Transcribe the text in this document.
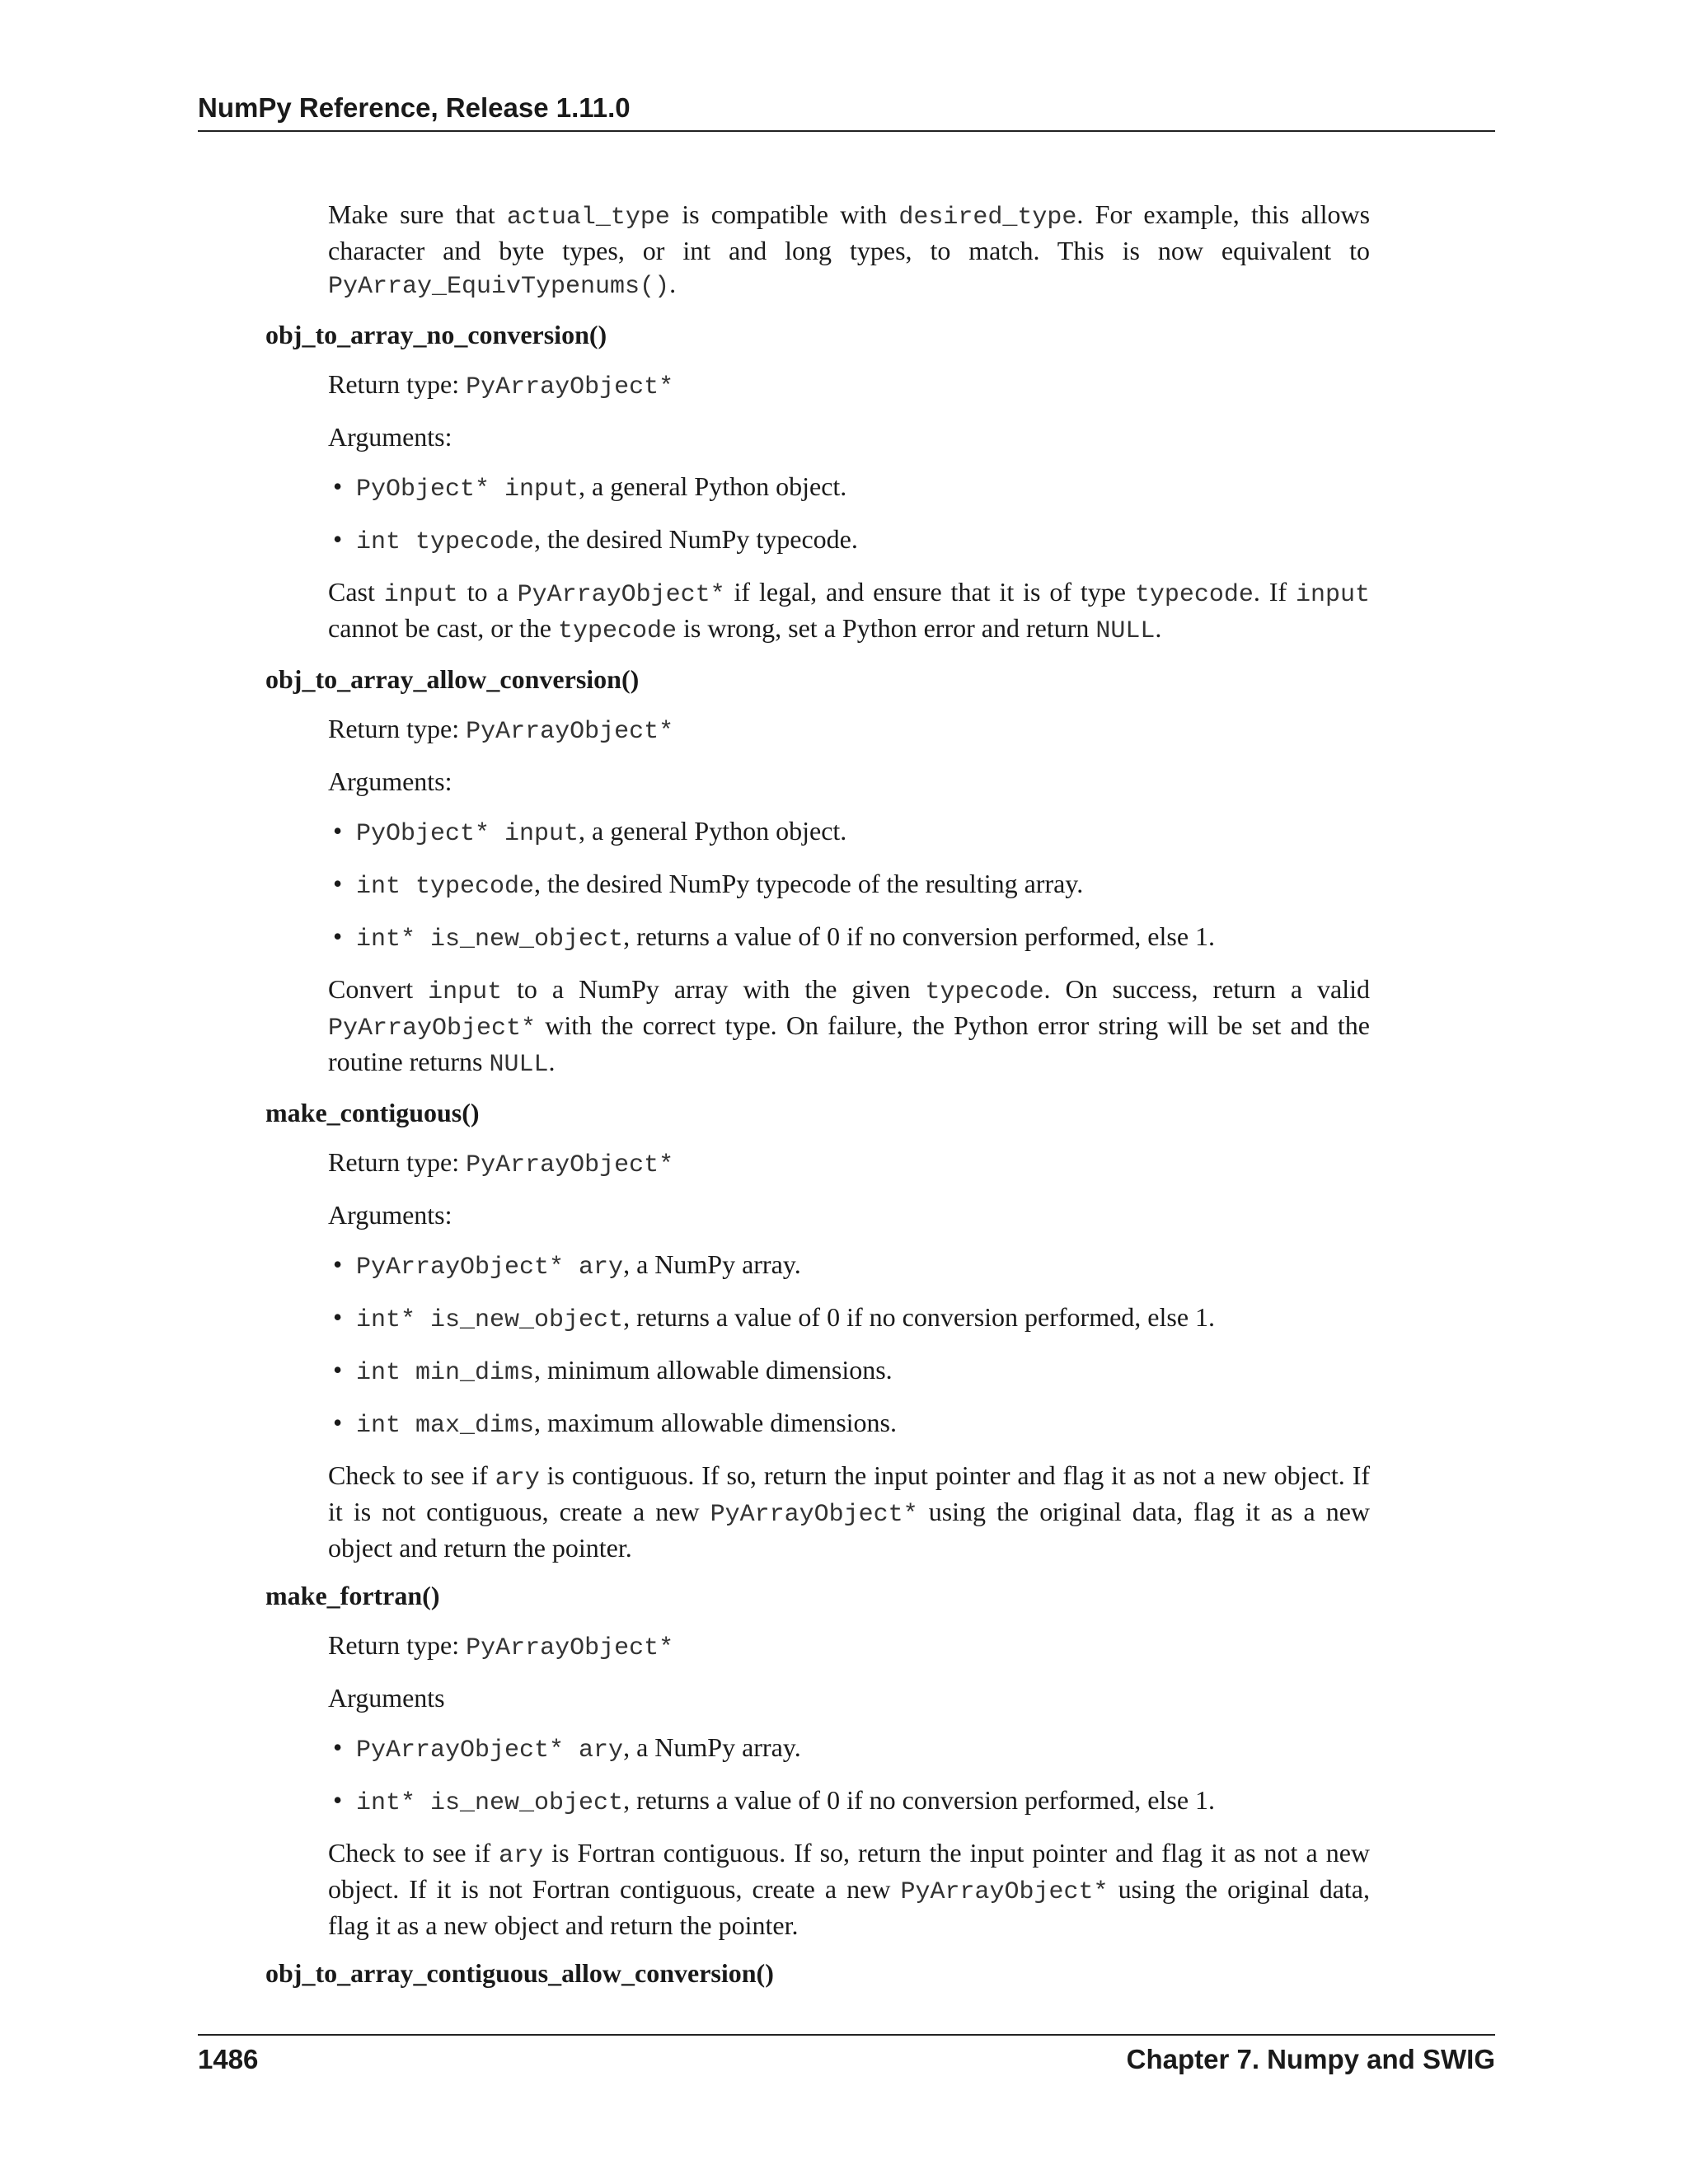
NumPy Reference, Release 1.11.0

Make sure that actual_type is compatible with desired_type. For example, this allows character and byte types, or int and long types, to match. This is now equivalent to PyArray_EquivTypenums().

obj_to_array_no_conversion()
Return type: PyArrayObject*
Arguments:
• PyObject* input, a general Python object.
• int typecode, the desired NumPy typecode.

Cast input to a PyArrayObject* if legal, and ensure that it is of type typecode. If input cannot be cast, or the typecode is wrong, set a Python error and return NULL.

obj_to_array_allow_conversion()
Return type: PyArrayObject*
Arguments:
• PyObject* input, a general Python object.
• int typecode, the desired NumPy typecode of the resulting array.
• int* is_new_object, returns a value of 0 if no conversion performed, else 1.

Convert input to a NumPy array with the given typecode. On success, return a valid PyArrayObject* with the correct type. On failure, the Python error string will be set and the routine returns NULL.

make_contiguous()
Return type: PyArrayObject*
Arguments:
• PyArrayObject* ary, a NumPy array.
• int* is_new_object, returns a value of 0 if no conversion performed, else 1.
• int min_dims, minimum allowable dimensions.
• int max_dims, maximum allowable dimensions.

Check to see if ary is contiguous. If so, return the input pointer and flag it as not a new object. If it is not contiguous, create a new PyArrayObject* using the original data, flag it as a new object and return the pointer.

make_fortran()
Return type: PyArrayObject*
Arguments
• PyArrayObject* ary, a NumPy array.
• int* is_new_object, returns a value of 0 if no conversion performed, else 1.

Check to see if ary is Fortran contiguous. If so, return the input pointer and flag it as not a new object. If it is not Fortran contiguous, create a new PyArrayObject* using the original data, flag it as a new object and return the pointer.

obj_to_array_contiguous_allow_conversion()
1486	Chapter 7. Numpy and SWIG
